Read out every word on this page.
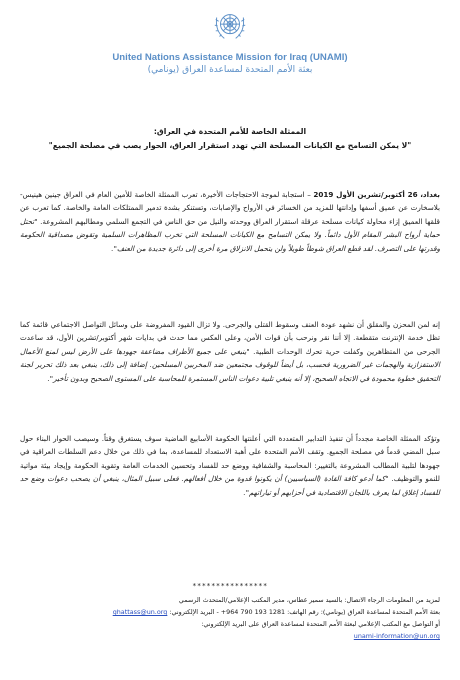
United Nations Assistance Mission for Iraq (UNAMI)
بعثة الأمم المتحدة لمساعدة العراق (يونامي)
الممثلة الخاصة للأمم المتحدة في العراق:
"لا يمكن التسامح مع الكيانات المسلحة التي تهدد استقرار العراق، الحوار يصب في مصلحة الجميع"
بغداد، 26 أكتوبر/تشرين الأول 2019 – استجابة لموجة الاحتجاجات الأخيرة، تعرب الممثلة الخاصة للأمين العام في العراق جينين هينيس-بلاسخارت عن عميق أسفها وإدانتها للمزيد من الخسائر في الأرواح والإصابات، وتستنكر بشدة تدمير الممتلكات العامة والخاصة. كما تعرب عن قلقها العميق إزاء محاولة كيانات مسلحة عرقلة استقرار العراق ووحدته والنيل من حق الناس في التجمع السلمي ومطالبهم المشروعة. "تحتل حماية أرواح البشر المقام الأول دائماً. ولا يمكن التسامح مع الكيانات المسلحة التي تخرب المظاهرات السلمية وتقوض مصداقية الحكومة وقدرتها على التصرف. لقد قطع العراق شوطاً طويلاً ولن يتحمل الانزلاق مرة أخرى إلى دائرة جديدة من العنف".
إنه لمن المحزن والمقلق أن نشهد عودة العنف وسقوط القتلى والجرحى. ولا تزال القيود المفروضة على وسائل التواصل الاجتماعي قائمة كما تظل خدمة الإنترنت متقطعة. إلا أننا نقر ونرحب بأن قوات الأمن، وعلى العكس مما حدث في بدايات شهر أكتوبر/تشرين الأول، قد ساعدت الجرحى من المتظاهرين وكفلت حرية تحرك الوحدات الطبية. "ينبغي على جميع الأطراف مضاعفة جهودها على الأرض ليس لمنع الأعمال الاستفزازية والهجمات غير الضرورية فحسب، بل أيضاً للوقوف مجتمعين ضد المخربين المسلحين. إضافة إلى ذلك، ينبغي بعد ذلك تحرير لجنة التحقيق خطوة محمودة في الاتجاه الصحيح، إلا أنه ينبغي تلبية دعوات الناس المستمرة للمحاسبة على المستوى الصحيح وبدون تأخير".
وتؤكد الممثلة الخاصة مجدداً أن تنفيذ التدابير المتعددة التي أعلنتها الحكومة الأسابيع الماضية سوف يستغرق وقتاً. وسيصب الحوار البناء حول سبل المضي قدماً في مصلحة الجميع. وتقف الأمم المتحدة على أهبة الاستعداد للمساعدة، بما في ذلك من خلال دعم السلطات العراقية في جهودها لتلبية المطالب المشروعة بالتغيير: المحاسبة والشفافية ووضع حد للفساد وتحسين الخدمات العامة وتقوية الحكومة وإيجاد بيئة مواتية للنمو والتوظيف. "كما أدعو كافة القادة (السياسيين) أن يكونوا قدوة من خلال أفعالهم. فعلى سبيل المثال، ينبغي أن يصحب دعوات وضع حد للفساد إغلاق لما يعرف باللجان الاقتصادية في أحزابهم أو تياراتهم".
****************
لمزيد من المعلومات الرجاء الاتصال: بالسيد سمير غطاس، مدير المكتب الإعلامي/المتحدث الرسمي
بعثة الأمم المتحدة لمساعدة العراق (يونامي): رقم الهاتف: +964 790 193 1281 - البريد الإلكتروني: ghattass@un.org
أو التواصل مع المكتب الإعلامي لبعثة الأمم المتحدة لمساعدة العراق على البريد الإلكتروني:
unami-information@un.org
